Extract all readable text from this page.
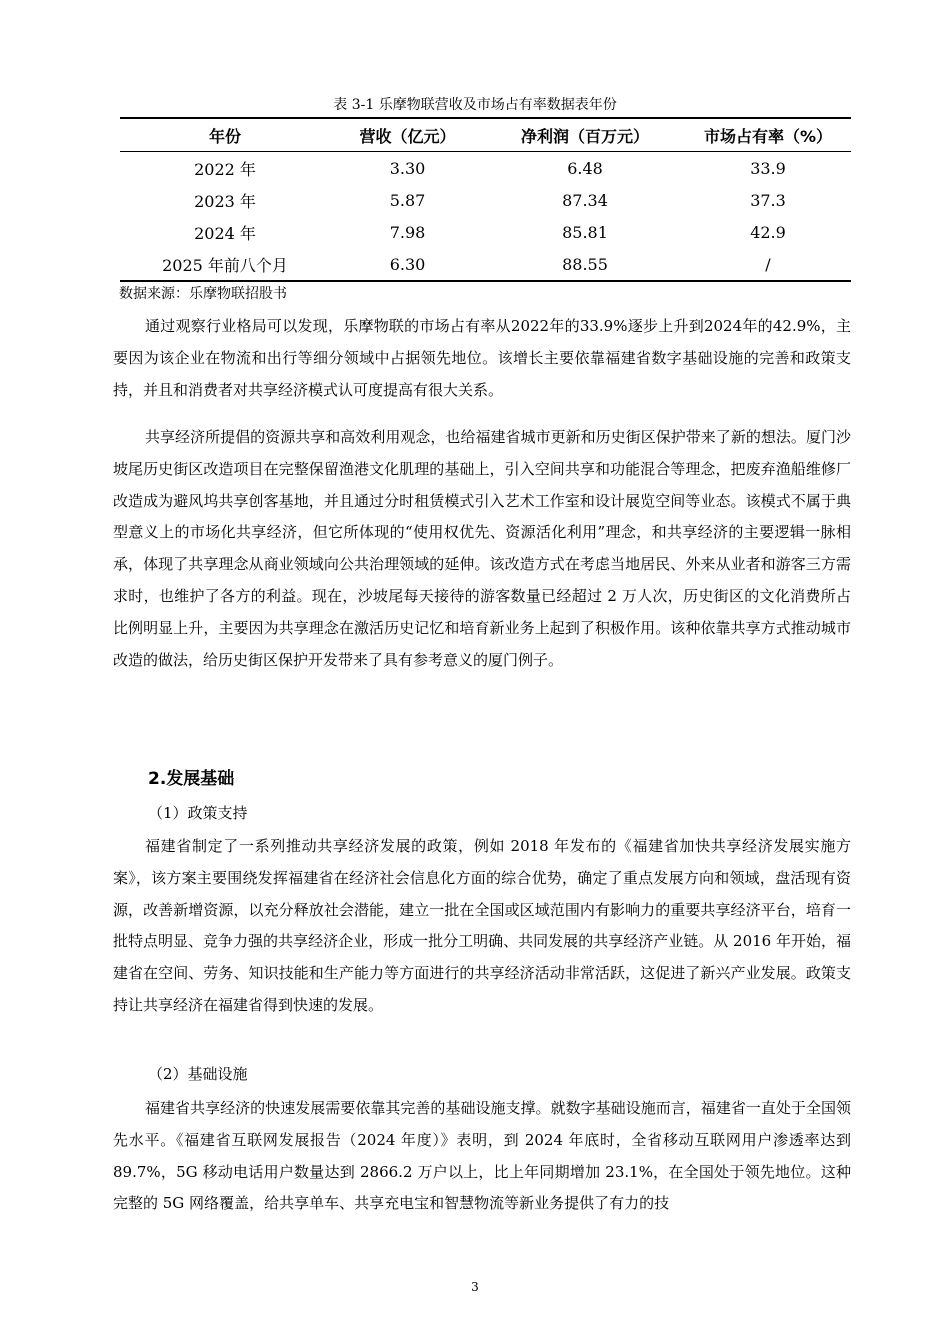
表 3-1 乐摩物联营收及市场占有率数据表年份
年份	营收（亿元）	净利润（百万元）	市场占有率（%）
2022 年	3.30	6.48	33.9
2023 年	5.87	87.34	37.3
2024 年	7.98	85.81	42.9
2025 年前八个月	6.30	88.55	/
数据来源：乐摩物联招股书

通过观察行业格局可以发现，乐摩物联的市场占有率从2022年的33.9%逐步上升到2024年的42.9%，主要因为该企业在物流和出行等细分领域中占据领先地位。该增长主要依靠福建省数字基础设施的完善和政策支持，并且和消费者对共享经济模式认可度提高有很大关系。

共享经济所提倡的资源共享和高效利用观念，也给福建省城市更新和历史街区保护带来了新的想法。厦门沙坡尾历史街区改造项目在完整保留渔港文化肌理的基础上，引入空间共享和功能混合等理念，把废弃渔船维修厂改造成为避风坞共享创客基地，并且通过分时租赁模式引入艺术工作室和设计展览空间等业态。该模式不属于典型意义上的市场化共享经济，但它所体现的“使用权优先、资源活化利用”理念，和共享经济的主要逻辑一脉相承，体现了共享理念从商业领域向公共治理领域的延伸。该改造方式在考虑当地居民、外来从业者和游客三方需求时，也维护了各方的利益。现在，沙坡尾每天接待的游客数量已经超过 2 万人次，历史街区的文化消费所占比例明显上升，主要因为共享理念在激活历史记忆和培育新业务上起到了积极作用。该种依靠共享方式推动城市改造的做法，给历史街区保护开发带来了具有参考意义的厦门例子。

2.发展基础
（1）政策支持

福建省制定了一系列推动共享经济发展的政策，例如 2018 年发布的《福建省加快共享经济发展实施方案》，该方案主要围绕发挥福建省在经济社会信息化方面的综合优势，确定了重点发展方向和领域，盘活现有资源，改善新增资源，以充分释放社会潜能，建立一批在全国或区域范围内有影响力的重要共享经济平台，培育一批特点明显、竞争力强的共享经济企业，形成一批分工明确、共同发展的共享经济产业链。从 2016 年开始，福建省在空间、劳务、知识技能和生产能力等方面进行的共享经济活动非常活跃，这促进了新兴产业发展。政策支持让共享经济在福建省得到快速的发展。

（2）基础设施

福建省共享经济的快速发展需要依靠其完善的基础设施支撑。就数字基础设施而言，福建省一直处于全国领先水平。《福建省互联网发展报告（2024 年度）》表明，到 2024 年底时，全省移动互联网用户渗透率达到 89.7%，5G 移动电话用户数量达到 2866.2 万户以上，比上年同期增加 23.1%，在全国处于领先地位。这种完整的 5G 网络覆盖，给共享单车、共享充电宝和智慧物流等新业务提供了有力的技

3
